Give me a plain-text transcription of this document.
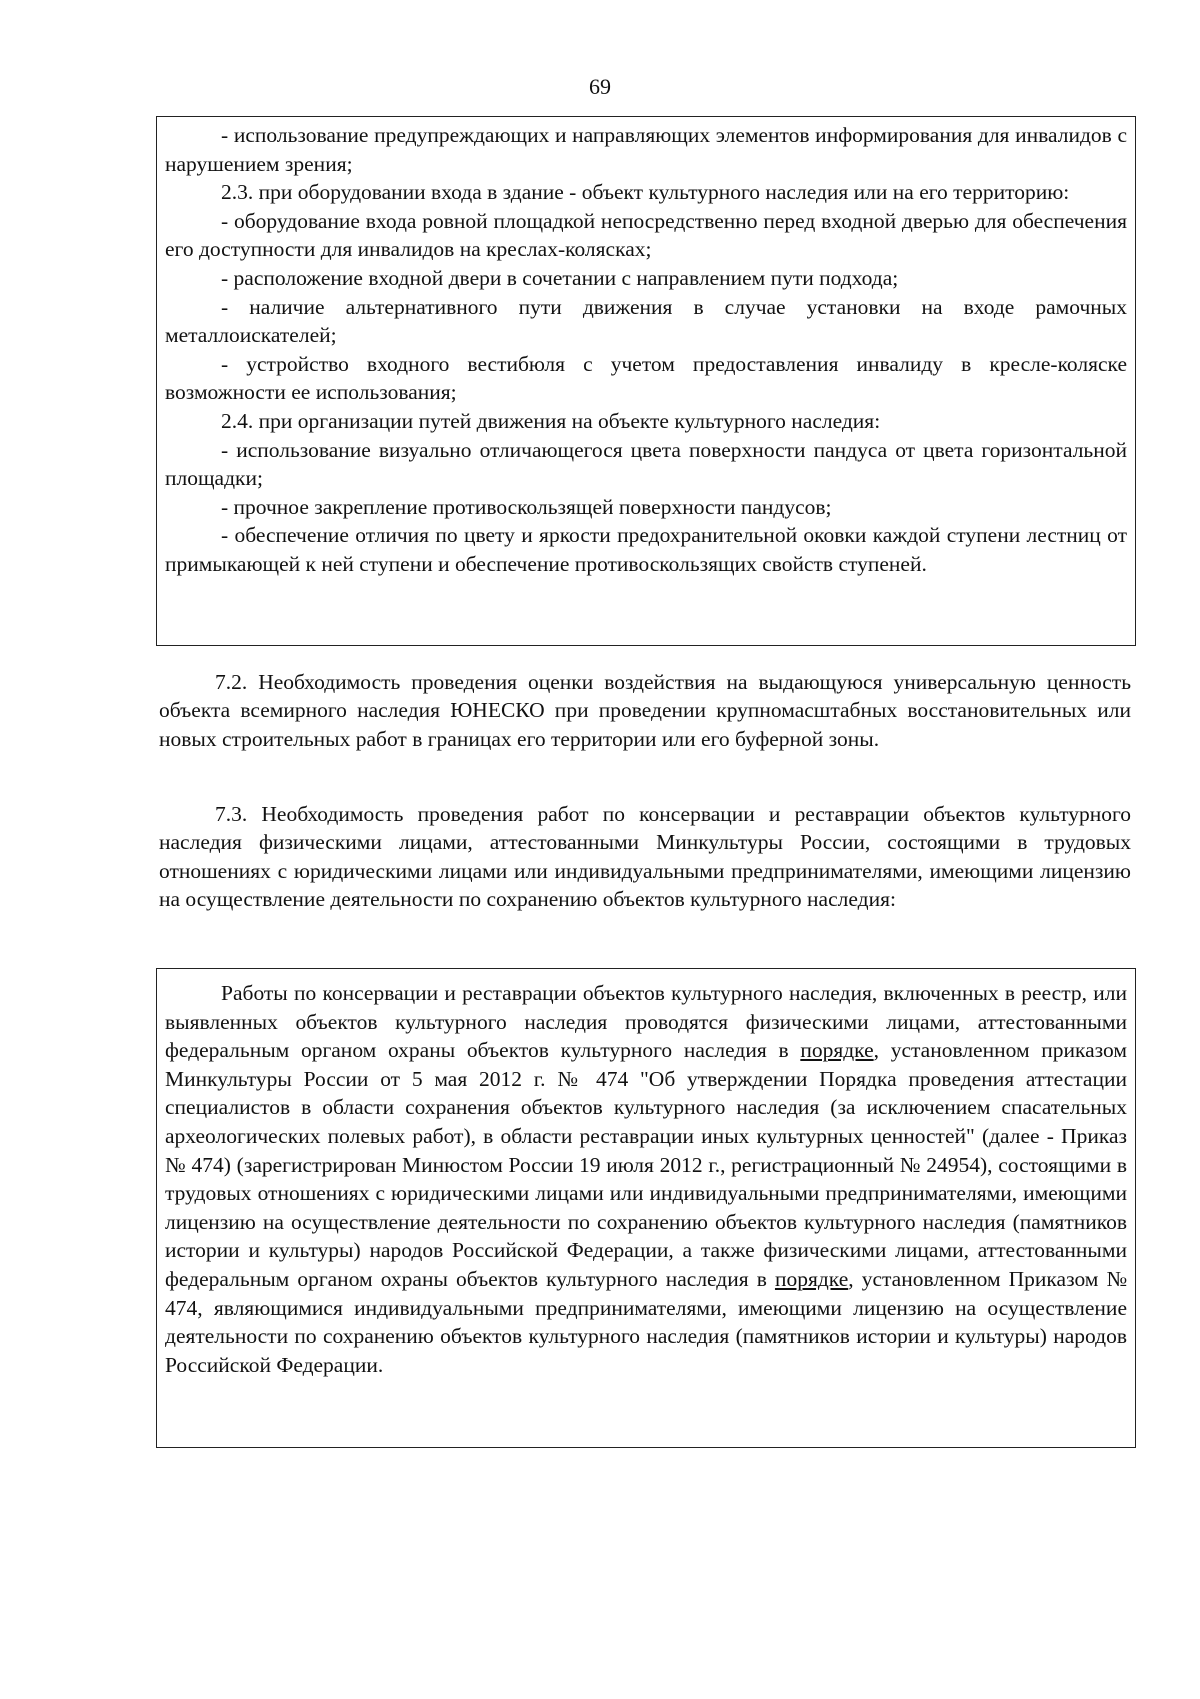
69

- использование предупреждающих и направляющих элементов информирования для инвалидов с нарушением зрения;

2.3. при оборудовании входа в здание - объект культурного наследия или на его территорию:

- оборудование входа ровной площадкой непосредственно перед входной дверью для обеспечения его доступности для инвалидов на креслах-колясках;

- расположение входной двери в сочетании с направлением пути подхода;

- наличие альтернативного пути движения в случае установки на входе рамочных металлоискателей;

- устройство входного вестибюля с учетом предоставления инвалиду в кресле-коляске возможности ее использования;

2.4. при организации путей движения на объекте культурного наследия:

- использование визуально отличающегося цвета поверхности пандуса от цвета горизонтальной площадки;

- прочное закрепление противоскользящей поверхности пандусов;

- обеспечение отличия по цвету и яркости предохранительной оковки каждой ступени лестниц от примыкающей к ней ступени и обеспечение противоскользящих свойств ступеней.

7.2. Необходимость проведения оценки воздействия на выдающуюся универсальную ценность объекта всемирного наследия ЮНЕСКО при проведении крупномасштабных восстановительных или новых строительных работ в границах его территории или его буферной зоны.

7.3. Необходимость проведения работ по консервации и реставрации объектов культурного наследия физическими лицами, аттестованными Минкультуры России, состоящими в трудовых отношениях с юридическими лицами или индивидуальными предпринимателями, имеющими лицензию на осуществление деятельности по сохранению объектов культурного наследия:

Работы по консервации и реставрации объектов культурного наследия, включенных в реестр, или выявленных объектов культурного наследия проводятся физическими лицами, аттестованными федеральным органом охраны объектов культурного наследия в порядке, установленном приказом Минкультуры России от 5 мая 2012 г. № 474 "Об утверждении Порядка проведения аттестации специалистов в области сохранения объектов культурного наследия (за исключением спасательных археологических полевых работ), в области реставрации иных культурных ценностей" (далее - Приказ № 474) (зарегистрирован Минюстом России 19 июля 2012 г., регистрационный № 24954), состоящими в трудовых отношениях с юридическими лицами или индивидуальными предпринимателями, имеющими лицензию на осуществление деятельности по сохранению объектов культурного наследия (памятников истории и культуры) народов Российской Федерации, а также физическими лицами, аттестованными федеральным органом охраны объектов культурного наследия в порядке, установленном Приказом № 474, являющимися индивидуальными предпринимателями, имеющими лицензию на осуществление деятельности по сохранению объектов культурного наследия (памятников истории и культуры) народов Российской Федерации.
